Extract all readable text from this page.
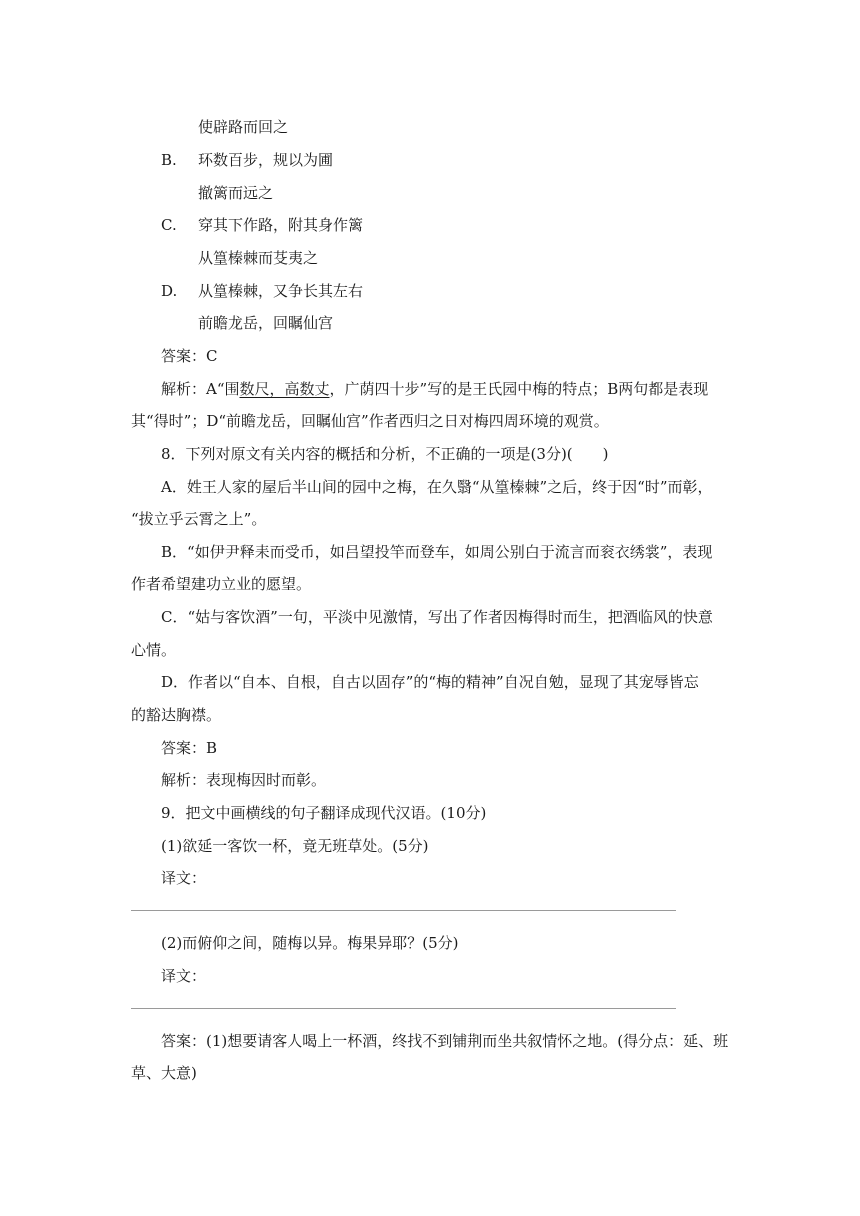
使辟路而回之
B. 环数百步，规以为圃
撤篱而远之
C. 穿其下作路，附其身作篱
从篁榛棘而芟夷之
D. 从篁榛棘，又争长其左右
前瞻龙岳，回瞩仙宫
答案：C
解析：A“围数尺，高数丈，广荫四十步”写的是王氏园中梅的特点；B两句都是表现
其“得时”；D“前瞻龙岳，回瞩仙宫”作者西归之日对梅四周环境的观赏。
8．下列对原文有关内容的概括和分析，不正确的一项是(3分)(　　)
A．姓王人家的屋后半山间的园中之梅，在久翳“从篁榛棘”之后，终于因“时”而彰，
“拔立乎云霄之上”。
B．“如伊尹释耒而受币，如吕望投竿而登车，如周公别白于流言而衮衣绣裳”，表现
作者希望建功立业的愿望。
C．“姑与客饮酒”一句，平淡中见激情，写出了作者因梅得时而生，把酒临风的快意
心情。
D．作者以“自本、自根，自古以固存”的“梅的精神”自况自勉，显现了其宠辱皆忘
的豁达胸襟。
答案：B
解析：表现梅因时而彰。
9．把文中画横线的句子翻译成现代汉语。(10分)
(1)欲延一客饮一杯，竟无班草处。(5分)
译文：
(2)而俯仰之间，随梅以异。梅果异耶？(5分)
译文：
答案：(1)想要请客人喝上一杯酒，终找不到铺荆而坐共叙情怀之地。(得分点：延、班
草、大意)
